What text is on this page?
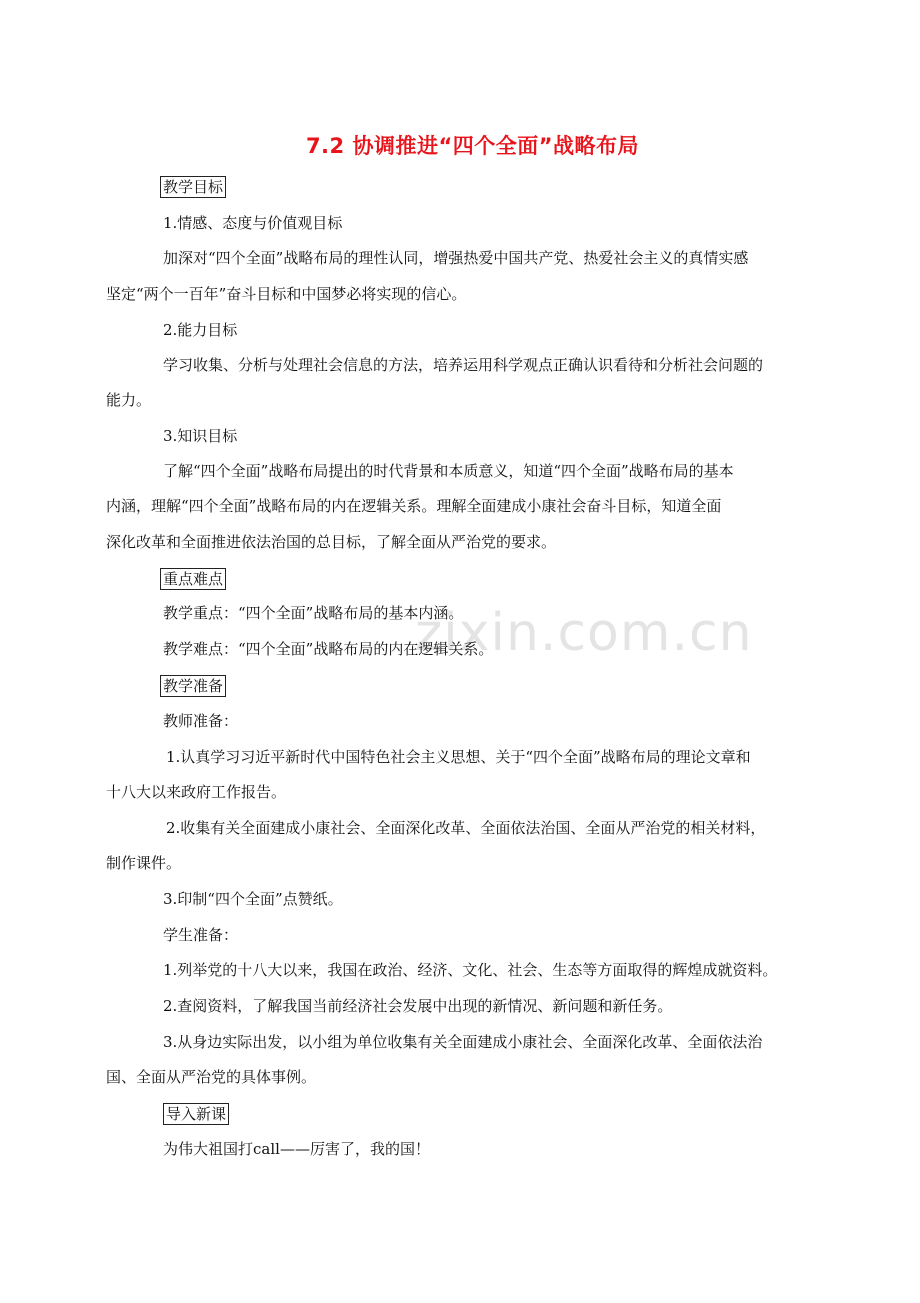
zixin.com.cn
7.2 协调推进“四个全面”战略布局
教学目标
1.情感、态度与价值观目标
加深对“四个全面”战略布局的理性认同，增强热爱中国共产党、热爱社会主义的真情实感
坚定“两个一百年”奋斗目标和中国梦必将实现的信心。
2.能力目标
学习收集、分析与处理社会信息的方法，培养运用科学观点正确认识看待和分析社会问题的
能力。
3.知识目标
了解“四个全面”战略布局提出的时代背景和本质意义，知道“四个全面”战略布局的基本
内涵，理解“四个全面”战略布局的内在逻辑关系。理解全面建成小康社会奋斗目标，知道全面
深化改革和全面推进依法治国的总目标，了解全面从严治党的要求。
重点难点
教学重点：“四个全面”战略布局的基本内涵。
教学难点：“四个全面”战略布局的内在逻辑关系。
教学准备
教师准备：
1.认真学习习近平新时代中国特色社会主义思想、关于“四个全面”战略布局的理论文章和
十八大以来政府工作报告。
2.收集有关全面建成小康社会、全面深化改革、全面依法治国、全面从严治党的相关材料，
制作课件。
3.印制“四个全面”点赞纸。
学生准备：
1.列举党的十八大以来，我国在政治、经济、文化、社会、生态等方面取得的辉煌成就资料。
2.查阅资料，了解我国当前经济社会发展中出现的新情况、新问题和新任务。
3.从身边实际出发，以小组为单位收集有关全面建成小康社会、全面深化改革、全面依法治
国、全面从严治党的具体事例。
导入新课
为伟大祖国打call——厉害了，我的国！
